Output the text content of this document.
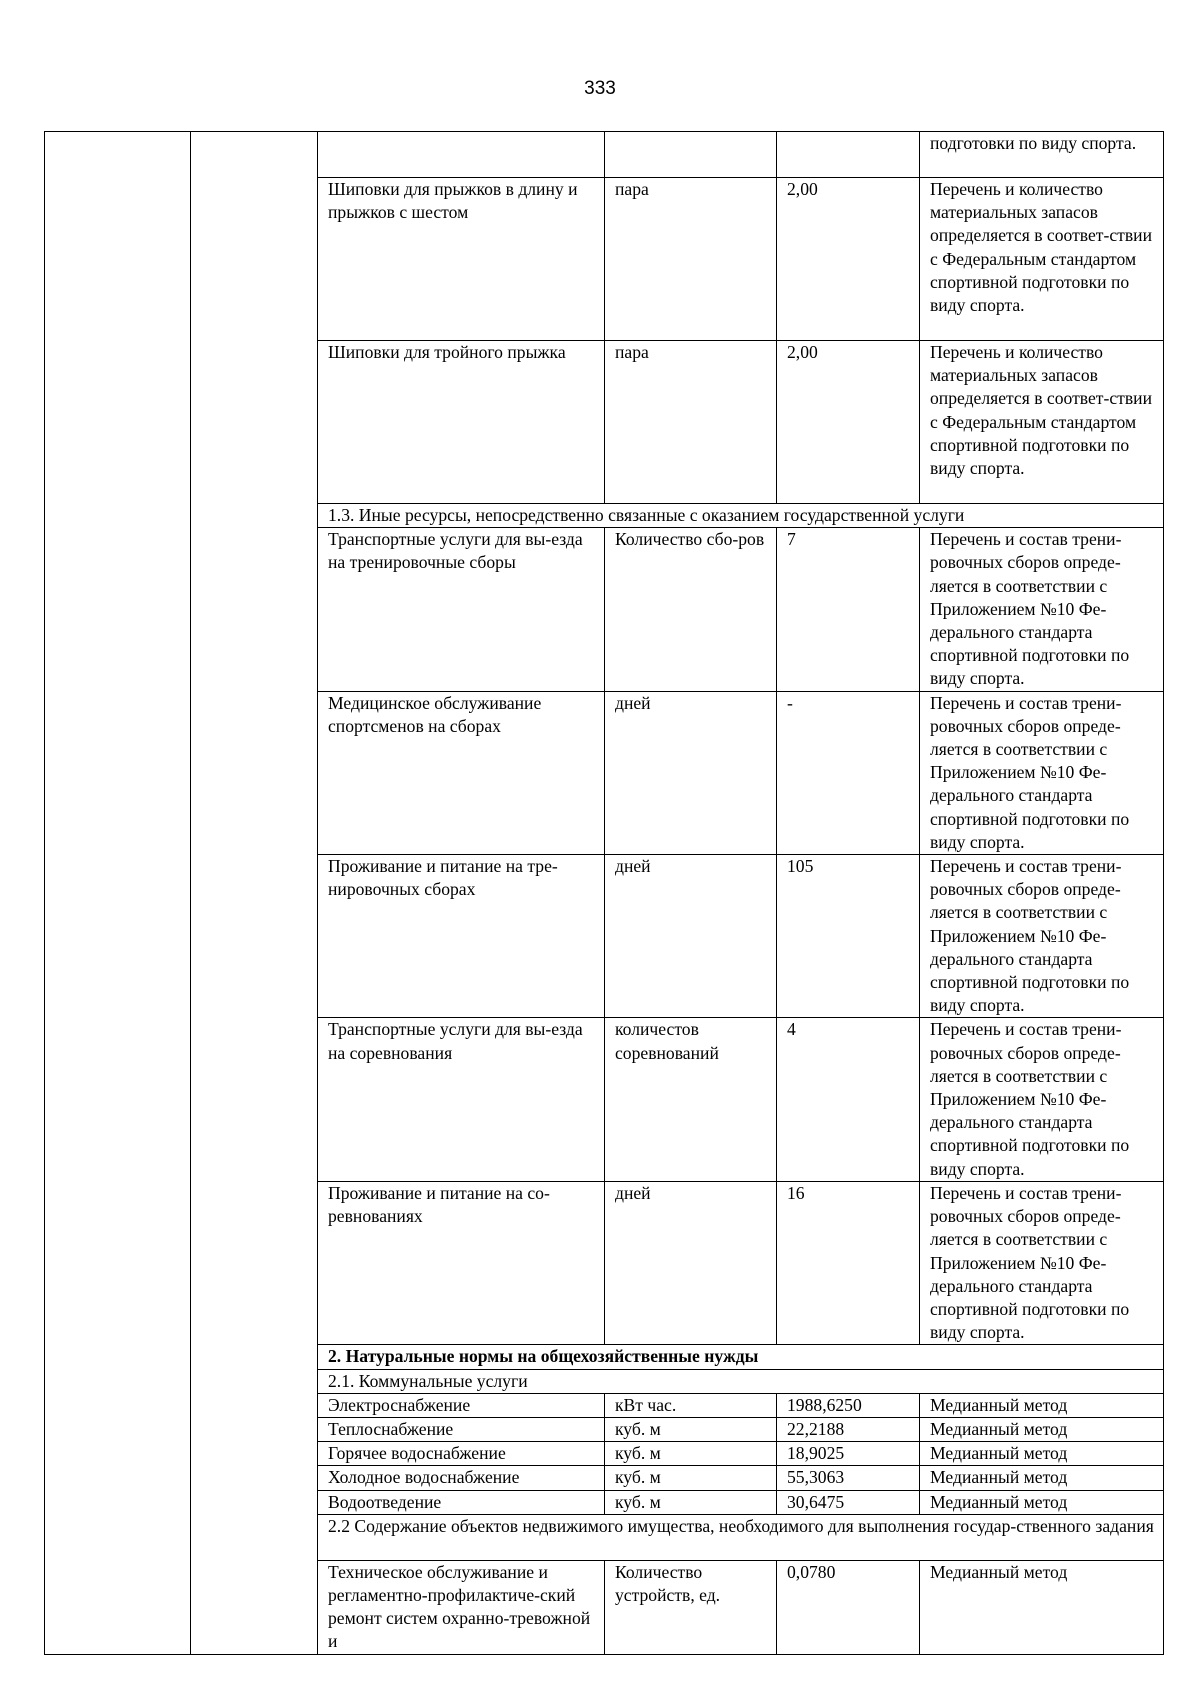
333
					подготовки по виду спорта.
		Шиповки для прыжков в длину и прыжков с шестом	пара	2,00	Перечень и количество материальных запасов определяется в соответ-ствии с Федеральным стандартом спортивной подготовки по виду спорта.
		Шиповки для тройного прыжка	пара	2,00	Перечень и количество материальных запасов определяется в соответ-ствии с Федеральным стандартом спортивной подготовки по виду спорта.
		1.3. Иные ресурсы, непосредственно связанные с оказанием государственной услуги			
		Транспортные услуги для вы-езда на тренировочные сборы	Количество сбо-ров	7	Перечень и состав трени-ровочных сборов опреде-ляется в соответствии с Приложением №10 Фе-дерального стандарта спортивной подготовки по виду спорта.
		Медицинское обслуживание спортсменов на сборах	дней	-	Перечень и состав трени-ровочных сборов опреде-ляется в соответствии с Приложением №10 Фе-дерального стандарта спортивной подготовки по виду спорта.
		Проживание и питание на тре-нировочных сборах	дней	105	Перечень и состав трени-ровочных сборов опреде-ляется в соответствии с Приложением №10 Фе-дерального стандарта спортивной подготовки по виду спорта.
		Транспортные услуги для вы-езда на соревнования	количестов соревнований	4	Перечень и состав трени-ровочных сборов опреде-ляется в соответствии с Приложением №10 Фе-дерального стандарта спортивной подготовки по виду спорта.
		Проживание и питание на со-ревнованиях	дней	16	Перечень и состав трени-ровочных сборов опреде-ляется в соответствии с Приложением №10 Фе-дерального стандарта спортивной подготовки по виду спорта.
		2. Натуральные нормы на общехозяйственные нужды			
		2.1. Коммунальные услуги			
		Электроснабжение	кВт час.	1988,6250	Медианный метод
		Теплоснабжение	куб. м	22,2188	Медианный метод
		Горячее водоснабжение	куб. м	18,9025	Медианный метод
		Холодное водоснабжение	куб. м	55,3063	Медианный метод
		Водоотведение	куб. м	30,6475	Медианный метод
		2.2 Содержание объектов недвижимого имущества, необходимого для выполнения государ-ственного задания			
		Техническое обслуживание и регламентно-профилактиче-ский ремонт систем охранно-тревожной и	Количество устройств, ед.	0,0780	Медианный метод
